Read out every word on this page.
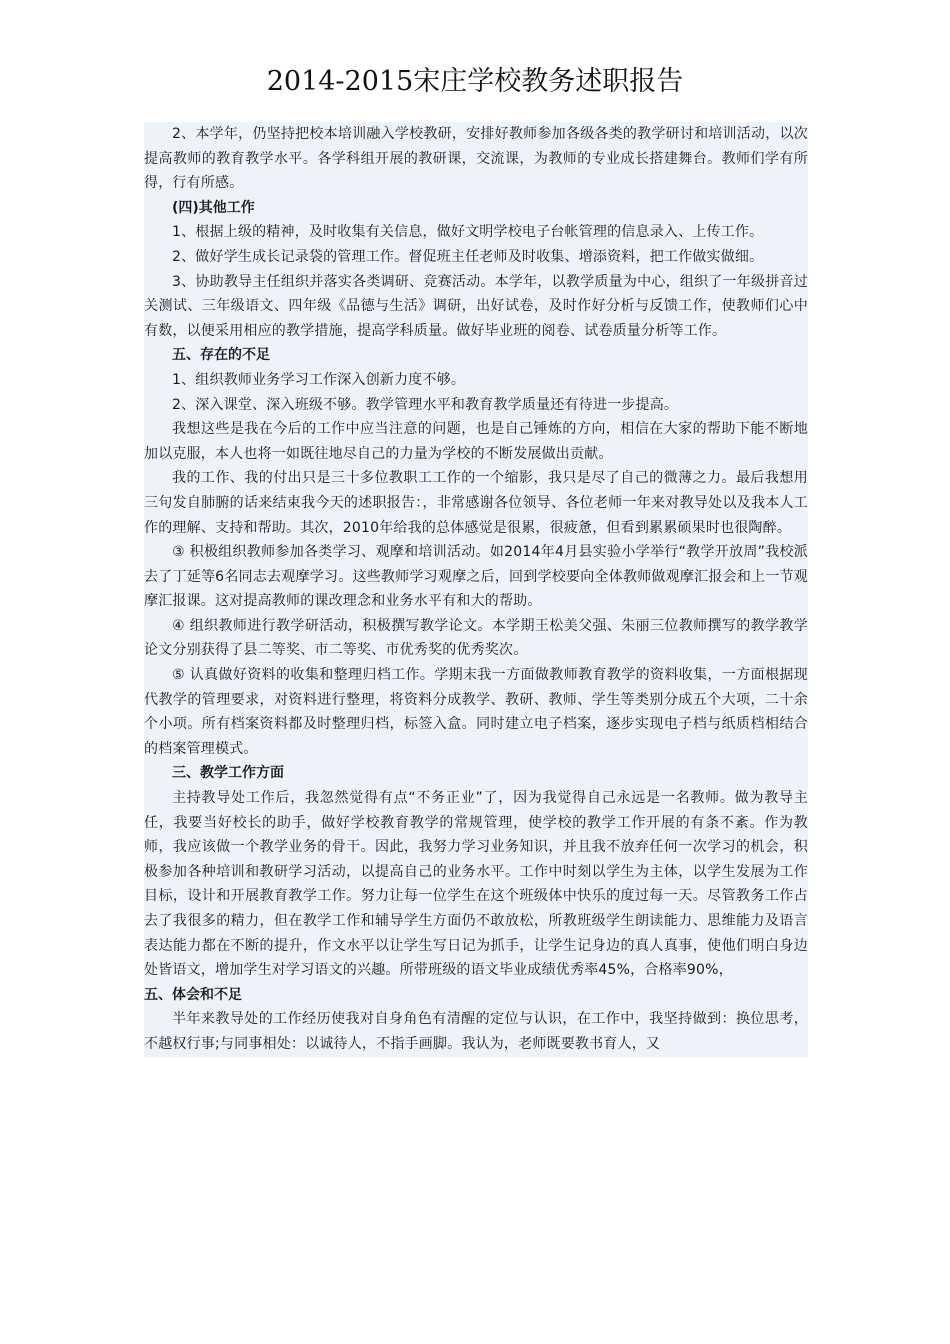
2014-2015宋庄学校教务述职报告

2、本学年，仍坚持把校本培训融入学校教研，安排好教师参加各级各类的教学研讨和培训活动，以次提高教师的教育教学水平。各学科组开展的教研课，交流课，为教师的专业成长搭建舞台。教师们学有所得，行有所感。

(四)其他工作

1、根据上级的精神，及时收集有关信息，做好文明学校电子台帐管理的信息录入、上传工作。

2、做好学生成长记录袋的管理工作。督促班主任老师及时收集、增添资料，把工作做实做细。

3、协助教导主任组织并落实各类调研、竞赛活动。本学年，以教学质量为中心，组织了一年级拼音过关测试、三年级语文、四年级《品德与生活》调研，出好试卷，及时作好分析与反馈工作，使教师们心中有数，以便采用相应的教学措施，提高学科质量。做好毕业班的阅卷、试卷质量分析等工作。

五、存在的不足

1、组织教师业务学习工作深入创新力度不够。

2、深入课堂、深入班级不够。教学管理水平和教育教学质量还有待进一步提高。

我想这些是我在今后的工作中应当注意的问题，也是自己锤炼的方向，相信在大家的帮助下能不断地加以克服，本人也将一如既往地尽自己的力量为学校的不断发展做出贡献。

我的工作、我的付出只是三十多位教职工工作的一个缩影，我只是尽了自己的微薄之力。最后我想用三句发自肺腑的话来结束我今天的述职报告：，非常感谢各位领导、各位老师一年来对教导处以及我本人工作的理解、支持和帮助。其次，2010年给我的总体感觉是很累，很疲惫，但看到累累硕果时也很陶醉。

③ 积极组织教师参加各类学习、观摩和培训活动。如2014年4月县实验小学举行“教学开放周”我校派去了丁延等6名同志去观摩学习。这些教师学习观摩之后，回到学校要向全体教师做观摩汇报会和上一节观摩汇报课。这对提高教师的课改理念和业务水平有和大的帮助。

④ 组织教师进行教学研活动，积极撰写教学论文。本学期王松美父强、朱丽三位教师撰写的教学教学论文分别获得了县二等奖、市二等奖、市优秀奖的优秀奖次。

⑤ 认真做好资料的收集和整理归档工作。学期末我一方面做教师教育教学的资料收集，一方面根据现代教学的管理要求，对资料进行整理，将资料分成教学、教研、教师、学生等类别分成五个大项，二十余个小项。所有档案资料都及时整理归档，标签入盒。同时建立电子档案，逐步实现电子档与纸质档相结合的档案管理模式。

三、教学工作方面

主持教导处工作后，我忽然觉得有点“不务正业”了，因为我觉得自己永远是一名教师。做为教导主任，我要当好校长的助手，做好学校教育教学的常规管理，使学校的教学工作开展的有条不紊。作为教师，我应该做一个教学业务的骨干。因此，我努力学习业务知识，并且我不放弃任何一次学习的机会，积极参加各种培训和教研学习活动，以提高自己的业务水平。工作中时刻以学生为主体，以学生发展为工作目标，设计和开展教育教学工作。努力让每一位学生在这个班级体中快乐的度过每一天。尽管教务工作占去了我很多的精力，但在教学工作和辅导学生方面仍不敢放松，所教班级学生朗读能力、思维能力及语言表达能力都在不断的提升，作文水平以让学生写日记为抓手，让学生记身边的真人真事，使他们明白身边处皆语文，增加学生对学习语文的兴趣。所带班级的语文毕业成绩优秀率45%，合格率90%，

五、体会和不足

半年来教导处的工作经历使我对自身角色有清醒的定位与认识，在工作中，我坚持做到：换位思考，不越权行事;与同事相处：以诚待人，不指手画脚。我认为，老师既要教书育人，又
